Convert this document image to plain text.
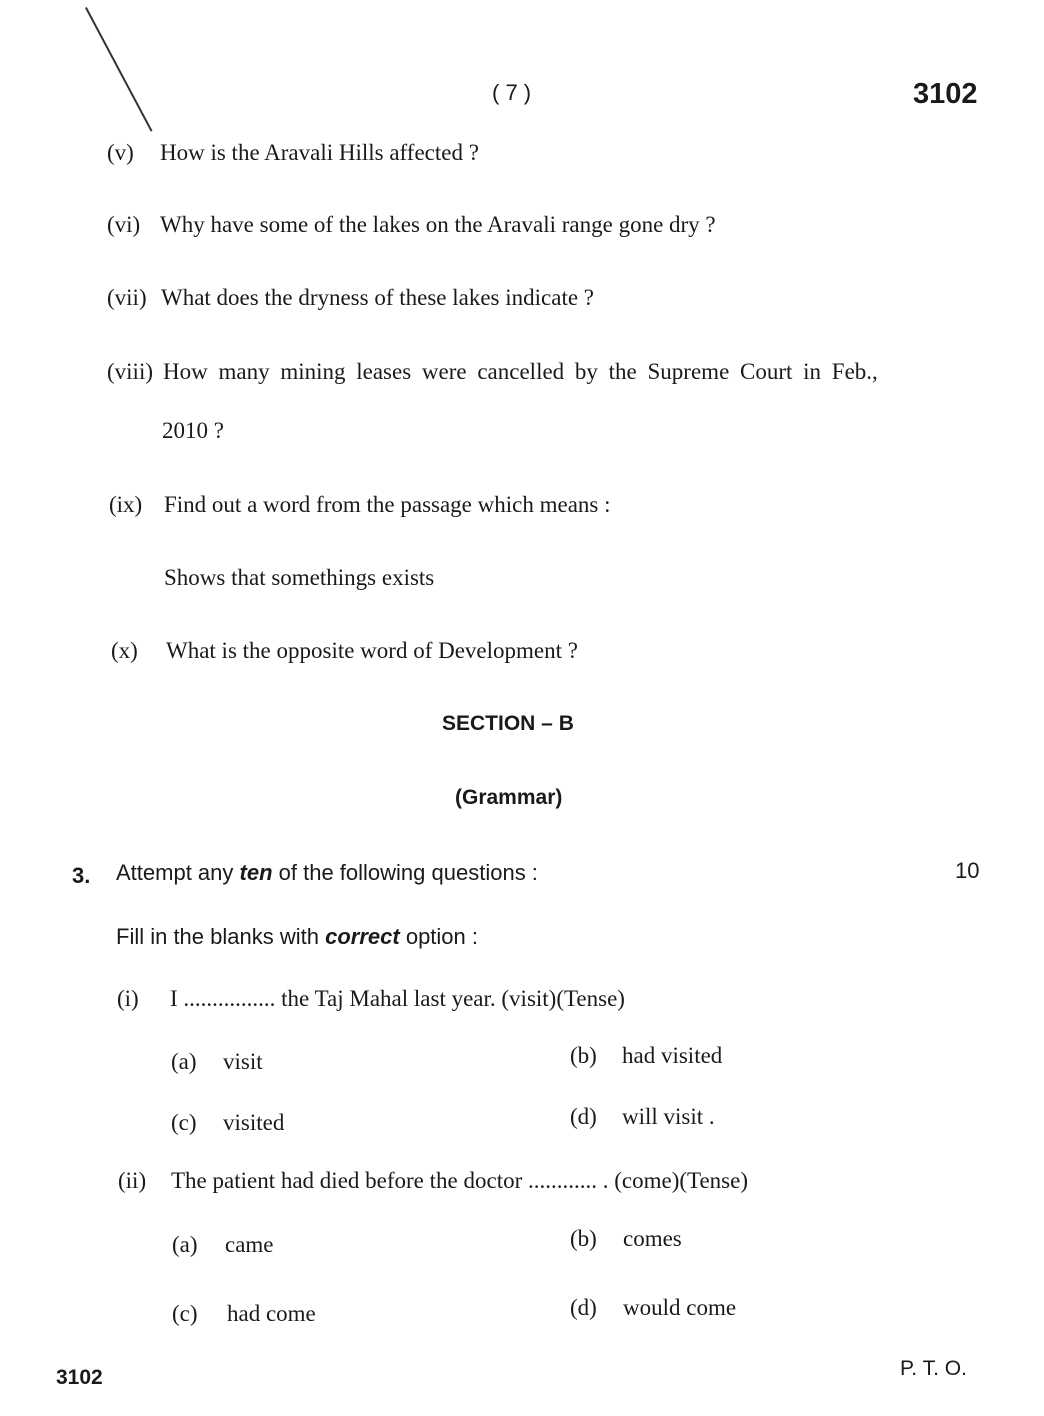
( 7 )	3102
(v) How is the Aravali Hills affected ?
(vi) Why have some of the lakes on the Aravali range gone dry ?
(vii) What does the dryness of these lakes indicate ?
(viii) How many mining leases were cancelled by the Supreme Court in Feb.,
2010 ?
(ix) Find out a word from the passage which means :
Shows that somethings exists
(x) What is the opposite word of Development ?
SECTION – B
(Grammar)
3. Attempt any ten of the following questions :	10
Fill in the blanks with correct option :
(i) I ................ the Taj Mahal last year. (visit)(Tense)
(a) visit	(b) had visited
(c) visited	(d) will visit .
(ii) The patient had died before the doctor ............ . (come)(Tense)
(a) came	(b) comes
(c) had come	(d) would come
3102	P. T. O.
